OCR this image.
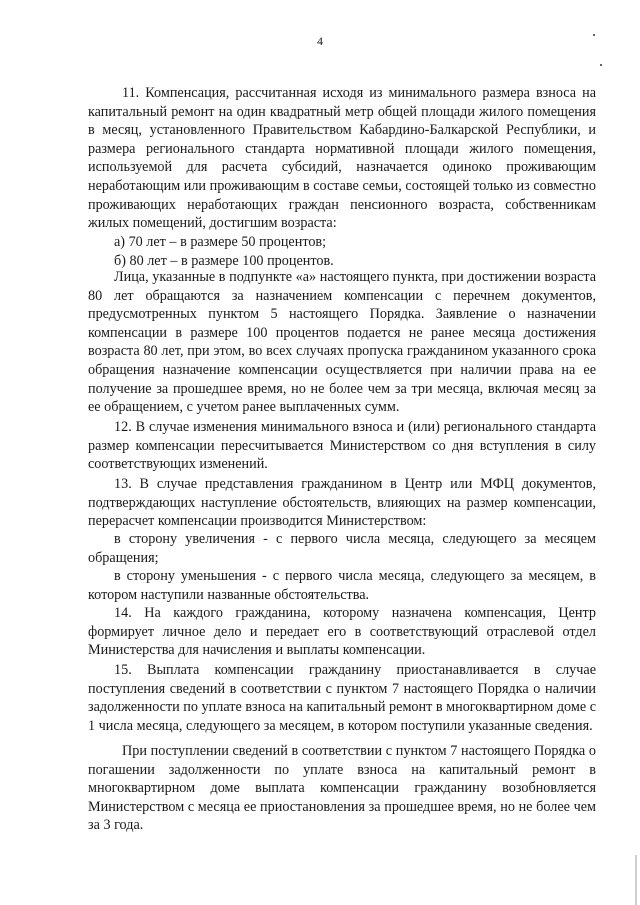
4

11. Компенсация, рассчитанная исходя из минимального размера взноса на капитальный ремонт на один квадратный метр общей площади жилого помещения в месяц, установленного Правительством Кабардино-Балкарской Республики, и размера регионального стандарта нормативной площади жилого помещения, используемой для расчета субсидий, назначается одиноко проживающим неработающим или проживающим в составе семьи, состоящей только из совместно проживающих неработающих граждан пенсионного возраста, собственникам жилых помещений, достигшим возраста:

а) 70 лет – в размере 50 процентов;

б) 80 лет – в размере 100 процентов.

Лица, указанные в подпункте «а» настоящего пункта, при достижении возраста 80 лет обращаются за назначением компенсации с перечнем документов, предусмотренных пунктом 5 настоящего Порядка. Заявление о назначении компенсации в размере 100 процентов подается не ранее месяца достижения возраста 80 лет, при этом, во всех случаях пропуска гражданином указанного срока обращения назначение компенсации осуществляется при наличии права на ее получение за прошедшее время, но не более чем за три месяца, включая месяц за ее обращением, с учетом ранее выплаченных сумм.

12. В случае изменения минимального взноса и (или) регионального стандарта размер компенсации пересчитывается Министерством со дня вступления в силу соответствующих изменений.

13. В случае представления гражданином в Центр или МФЦ документов, подтверждающих наступление обстоятельств, влияющих на размер компенсации, перерасчет компенсации производится Министерством:

в сторону увеличения - с первого числа месяца, следующего за месяцем обращения;

в сторону уменьшения - с первого числа месяца, следующего за месяцем, в котором наступили названные обстоятельства.

14. На каждого гражданина, которому назначена компенсация, Центр формирует личное дело и передает его в соответствующий отраслевой отдел Министерства для начисления и выплаты компенсации.

15. Выплата компенсации гражданину приостанавливается в случае поступления сведений в соответствии с пунктом 7 настоящего Порядка о наличии задолженности по уплате взноса на капитальный ремонт в многоквартирном доме с 1 числа месяца, следующего за месяцем, в котором поступили указанные сведения.

При поступлении сведений в соответствии с пунктом 7 настоящего Порядка о погашении задолженности по уплате взноса на капитальный ремонт в многоквартирном доме выплата компенсации гражданину возобновляется Министерством с месяца ее приостановления за прошедшее время, но не более чем за 3 года.
